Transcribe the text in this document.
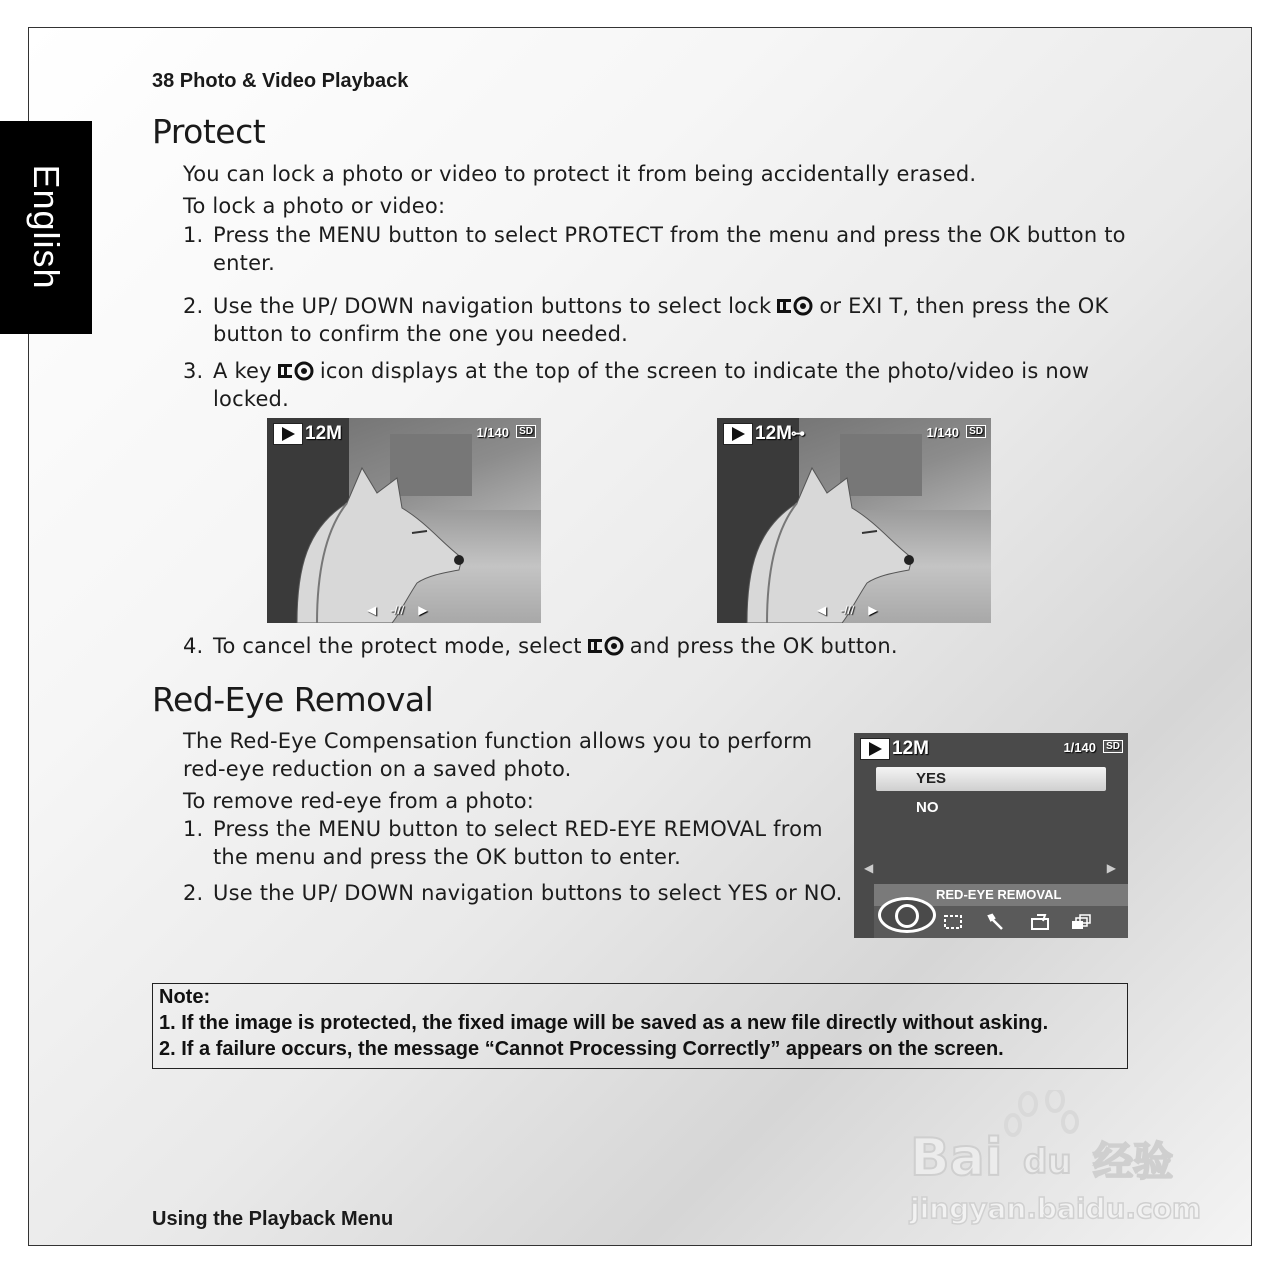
English
38 Photo & Video Playback
Protect
You can lock a photo or video to protect it from being accidentally erased.
To lock a photo or video:
1. Press the MENU button to select PROTECT from the menu and press the OK button to
enter.
2. Use the UP/ DOWN navigation buttons to select lock or EXI T, then press the OK
button to confirm the one you needed.
3. A key icon displays at the top of the screen to indicate the photo/video is now
locked.
12M	1/140	SD
◀ -/// ▶
12M ⊶	1/140	SD
◀ -/// ▶
4. To cancel the protect mode, select and press the OK button.
Red-Eye Removal
The Red-Eye Compensation function allows you to perform
red-eye reduction on a saved photo.
To remove red-eye from a photo:
1. Press the MENU button to select RED-EYE REMOVAL from
the menu and press the OK button to enter.
2. Use the UP/ DOWN navigation buttons to select YES or NO.
12M	1/140	SD
YES
NO
◀	▶
RED-EYE REMOVAL
Note:
1. If the image is protected, the fixed image will be saved as a new file directly without asking.
2. If a failure occurs, the message “Cannot Processing Correctly” appears on the screen.
Using the Playback Menu
Bai du 经验
jingyan.baidu.com
